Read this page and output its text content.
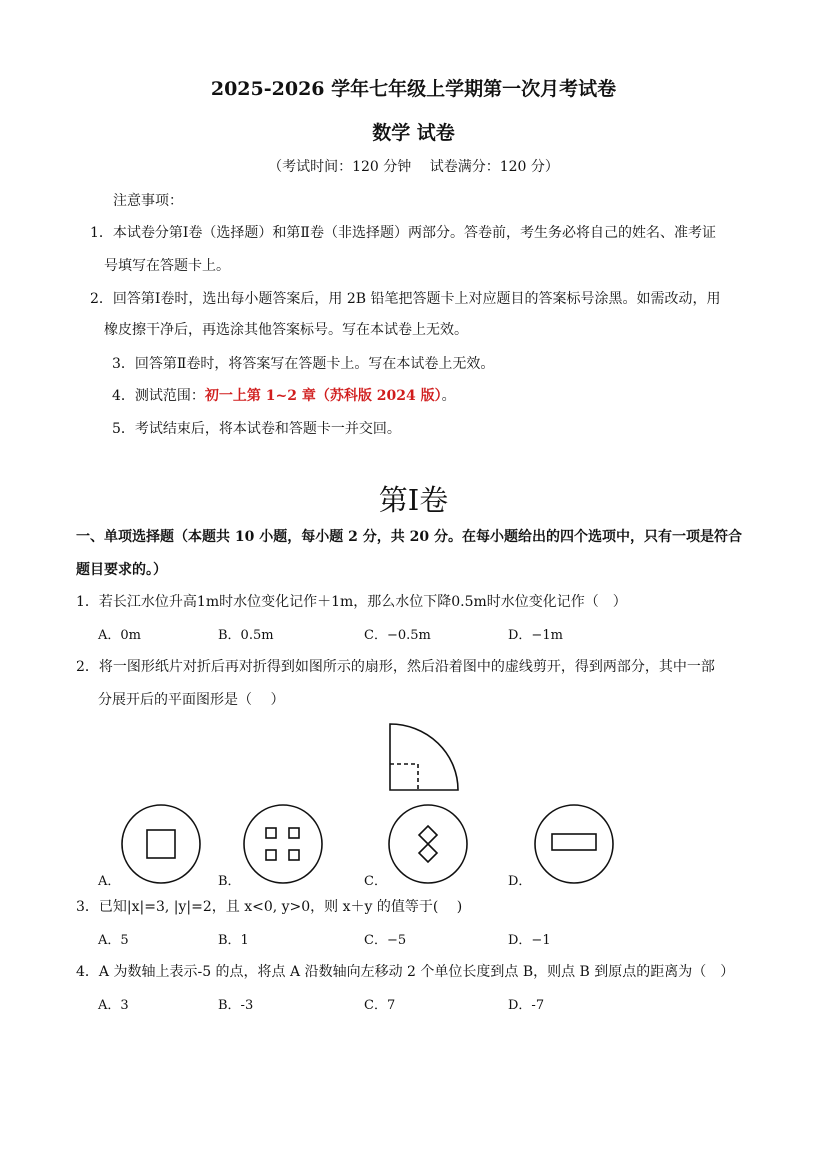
2025-2026 学年七年级上学期第一次月考试卷
数学 试卷
（考试时间：120 分钟　 试卷满分：120 分）
注意事项：
1．本试卷分第Ⅰ卷（选择题）和第Ⅱ卷（非选择题）两部分。答卷前，考生务必将自己的姓名、准考证
号填写在答题卡上。
2．回答第Ⅰ卷时，选出每小题答案后，用 2B 铅笔把答题卡上对应题目的答案标号涂黑。如需改动，用
橡皮擦干净后，再选涂其他答案标号。写在本试卷上无效。
3．回答第Ⅱ卷时，将答案写在答题卡上。写在本试卷上无效。
4．测试范围：初一上第 1~2 章（苏科版 2024 版）。
5．考试结束后，将本试卷和答题卡一并交回。
第Ⅰ卷
一、单项选择题（本题共 10 小题，每小题 2 分，共 20 分。在每小题给出的四个选项中，只有一项是符合
题目要求的。）
1．若长江水位升高1m时水位变化记作＋1m，那么水位下降0.5m时水位变化记作（　）
A．0m	B．0.5m	C．−0.5m	D．−1m
2．将一图形纸片对折后再对折得到如图所示的扇形，然后沿着图中的虚线剪开，得到两部分，其中一部
分展开后的平面图形是（　 ）
A．	B．	C．	D．
3．已知|x|=3, |y|=2，且 x<0, y>0，则 x＋y 的值等于(　 )
A．5	B．1	C．−5	D．−1
4．A 为数轴上表示-5 的点，将点 A 沿数轴向左移动 2 个单位长度到点 B，则点 B 到原点的距离为（　）
A．3	B．-3	C．7	D．-7
